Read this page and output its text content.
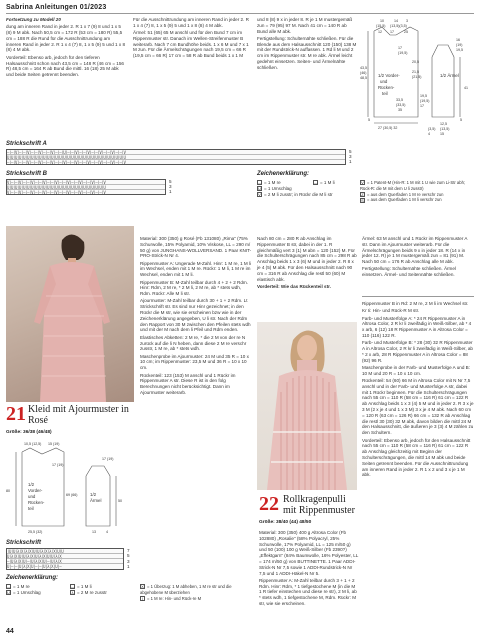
Sabrina Anleitungen 01/2023

Fortsetzung zu Modell 20

dung am inneren Rand in jeder 2. R 1 x 7 (9) 8 und 1 x 5 (8) 9 M abk. Nach 50,5 cm = 172 R (53 cm = 180 R) 55,5 cm = 188 R die Rund für die Ausschnittrundung am inneren Rand in jeder 2. R 1 x 4 (7) 8, 1 x 5 (9) 5 und 1 x 8 (8) 4 M abk.

Vorderteil: Ebenso arb, jedoch für den tieferen Halsausschnitt schon nach 43,5 cm = 148 R (46 cm = 156 R) 48,5 cm = 164 R ab Bund die mittl. 16 (18) 25 M abk und beide Seiten getrennt beenden.

Für die Ausschnittrundung am inneren Rand in jeder 2. R 1 x 4 (7) 8, 1 x 5 (9) 5 und 1 x 8 (8) 4 M abk.

Ärmel: 51 (65) 65 M anschl und für den Bund 7 cm im Rippenmuster str. Danach im Wellen-Streifenmuster B weiterarb. Nach 7 cm Bundhöhe beids. 1 x 6 M und 7 x 1 M zun. Für die Ärmelschrägungen nach 19,5 cm = 66 R (19,5 cm = 66 R) 17 cm = 58 R ab Bund beids 1 x 1 M

und 8 (8) 9 x in jeder 8. R je 1 M mustergemäß zun = 79 (95) 97 M. Nach 41 cm = 140 R ab Bund alle M abk.

Fertigstellung: Schulternähte schließen. Für die Blende aus dem Halsausschnitt 120 (150) 138 M mit der Rundstrick-N auffassen. 1 Rd li M und 2 cm im Rippenmuster str. M re abk. Ärmel leicht gedehnt einsetzen. Seiten- und Ärmelnähte schließen.

10	14 3
(15,5) (13,5)(3,5)
12 17	25
17
(19,5)
20,5
21,5
(21,5)
43,5
(46)
48,5	1/2 Vorder-
und
Rücken-
teil
33,5
(33,5)
35
19,5
(19,5)
17
1/2 Ärmel
16
(19)
19,5
41
27 (30,5) 32
12,5
(13,5)
15
(3,5)
4
5	5
Strickschrift A
—|—|V|—|—|V|—|—|V|—|—|V|—|—|U|—|—|V|—|—|V|—|—|V|—|—|V|—|—|V
U|U|U|U|U|U|U|U|U|U|U|U|U|U|U|U|U|U|U|U|U|U|U|U|U|U|U|U|U|U
—|—|V|—|—|V|—|—|V|—|—|V|—|—|V|—|—|V|—|—|V|—|—|V|—|—|V|—|—|V
5
3
1
Strickschrift B
V|—|—|V|—|—|V|—|—|V|—|—|V|—|—|V|—|—|V|—|—|V|—|—|V
U|U|U|U|U|U|U|U|U|U|U|U|U|U|U|U|U|U|U|U|U|U|U|U|U
V|—|—|V|—|—|V|—|—|V|—|—|V|—|—|V|—|—|V|—|—|V|—|—|V
5
3
1
Zeichenerklärung:
— = 1 M re
U = 1 Umschlag
V = 2 M li zusstr; in Rückr die M li str
— = 1 M li	V = 1 Patent-M (Hin-R: 1 M mit 1 U wie zum Li-Str abh; Rück-R: die M mit dem U li zusstr)
Z = aus dem Querfaden 1 M re verschr zun
S = aus dem Querfaden 1 M li verschr zun
21 Kleid mit Ajourmuster in Rosé
Größe: 36/38 (46/48)
10,5 (12,5) 15 (19)
17 (19)
1/2
Vorder-
und
Rücken-
teil
69 (66)
17 (19)
1/2
Ärmel
25,5 (32)	13	4
80
50
Strickschrift
|U|U|λ|X|λ|X|U|U|λ|X|λ|X|U|U
U|λ|X|U|U|λ|X|U|λ|X|U|U|λ|X
—|U|λ|X|U|—|U|λ|X|U|—|U|λ|X
U|—|—|U|λ|X|U|—|—|U|λ|X|U|—
7
5
3
1
Zeichenerklärung:
— = 1 M re
U = 1 Umschlag
— = 1 M li
λ = 2 M re zusstr
X = 1 Überzug: 1 M abheben, 1 M re str und die abgehobene M überziehen
| = 1 M re: Hin- und Rück-re M

Material: 300 (350) g Rosé (Fb 131080) „Rima" (75% Schurwolle, 15% Polyamid, 10% Viskose, LL = 290 m/ 50 g) von JUNGHANS-WOLLVERSAND. 1 Paar KNIT-PRO-Strick-N Nr 4.

Rippenmuster A: Ungerade M-Zahl. Hinr: 1 M re, 1 M li im Wechsel, enden mit 1 M re. Rückr: 1 M li, 1 M re im Wechsel, enden mit 1 M li.

Rippenmuster B: M-Zahl teilbar durch 4 + 2 + 2 Rdm. Hinr: Rdm, 2 M re, * 2 M li, 2 M re, ab * stets wdh, Rdm. Rückr: Alle M li str.

Ajourmuster: M-Zahl teilbar durch 30 + 1 + 2 Rdm. Lt Strickschrift str. Es sind nur Hinr gezeichnet; in den Rückr die M str, wie sie erscheinen bzw wie in der Zeichenerklärung angegeben, U li str. Nach der Rdm den Rapport von 30 M zwischen den Pfeilen stets wdh und mit der M nach dem li Pfeil und Rdm enden.

Elastisches Abketten: 2 M re, * die 2 M von der re N zurück auf die li N heben, dann diese 2 M re verschr zusstr, 1 M re, ab * stets wdh.

Maschenprobe im Ajourmuster: 24 M und 35 R = 10 x 10 cm; im Rippenmuster: 23,5 M und 36 R = 10 x 10 cm.

Rückenteil: 123 (153) M anschl und 1 Rückr im Rippenmuster A str. Diese R ist in den folg Berechnungen nicht berücksichtigt. Dann im Ajourmuster weiterarb.

Nach 80 cm = 280 R ab Anschlag im Rippenmuster B str, dabei in der 1. R gleichmäßig vert 3 (1) M abn = 120 (152) M. Für die Schulterschrägungen nach 85 cm = 298 R ab Anschlag beids 1 x 3 (6) M und in jeder 2. R 8 x je 4 (5) M abk. Für den Halsausschnitt nach 90 cm = 316 R ab Anschlag die restl 50 (60) M elastisch abk.

Vorderteil: Wie das Rückenteil str.

Ärmel: 63 M anschl und 1 Rückr im Rippenmuster A str. Dann im Ajourmuster weiterarb. Für die Ärmelschrägungen beids 9 x in jeder 18. R (14 x in jeder 12. R) je 1 M mustergemäß zun = 81 (91) M. Nach 50 cm = 176 R ab Anschlag alle M abk.

Fertigstellung: Schulternähte schließen. Ärmel einsetzen. Ärmel- und Seitennähte schließen.

22 Rollkragenpulli mit Rippenmuster
Größe: 38/40 (44) 48/50

Material: 300 (350) 400 g Altrosa Color (Fb 102880) „Rosalie" (58% Polyacryl, 25% Schurwolle, 17% Polyamid, LL = 125 m/50 g) und 50 (100) 100 g Weiß-Silber (Fb 2390?) „Effektgarn" (84% Baumwolle, 16% Polyester, LL = 174 m/50 g) von BUTTINETTE. 1 Paar ADDI-Strick-N Nr 7,5 sowie 1 ADDI-Rundstrick-N Nr 7,5 und 1 ADDI-Häkel-N Nr 5.

Rippenmuster A: M-Zahl teilbar durch 3 + 1 + 2 Rdm. Hinr: Rdm, * 1 tiefgestochene M (in die M 1 R tiefer einstechen und diese re str), 2 M li, ab * stets wdh, 1 tiefgestochene M, Rdm. Rückr: M str, wie sie erscheinen.

Rippenmuster B in Rd: 2 M re, 2 M li im Wechsel str.

Kr Ii: Hin- und Rück-R M str.

Farb- und Musterfolge A: * 24 R Rippenmuster A in Altrosa Color, 2 R kr li zweifädig in Weiß-Silber, ab * 4 x arb, 6 (12) 18 R Rippenmuster A in Altrosa Color = 110 (116) 122 R.

Farb- und Musterfolge B: * 28 (30) 32 R Rippenmuster A in Altrosa Color, 2 R kr li zweifädig in Weiß-Silber, ab * 2 x arb, 28 R Rippenmuster A in Altrosa Color = 88 (92) 96 R.

Maschenprobe in der Farb- und Musterfolge A und B: 10 M und 20 R = 10 x 10 cm.

Rückenteil: 54 (60) 66 M in Altrosa Color mit N Nr 7,5 anschl und in der Farb- und Musterfolge A str, dabei mit 1 Rückr beginnen. Für die Schulterschrägungen nach 55 cm = 110 R (58 cm = 116 R) 61 cm = 122 R ab Anschlag beids 1 x 3 (4) 5 M und in jeder 2. R 3 x je 3 M (2 x je 4 und 1 x 3 M) 3 x je 4 M abk. Nach 60 cm = 120 R (63 cm = 126 R) 66 cm = 132 R ab Anschlag die restl 30 (30) 32 M abk, davon bilden die mittl 24 M den Halsausschnitt, die äußeren je 3 (3) 4 M zählen zu den Schultern.

Vorderteil: Ebenso arb, jedoch für den Halsausschnitt nach 55 cm = 110 R (58 cm = 116 R) 61 cm = 122 R ab Anschlag gleichzeitig mit Beginn der Schulterschrägungen, die mittl 14 M abk und beide Seiten getrennt beenden. Für die Ausschnittrundung am inneren Rand in jeder 2. R 1 x 2 und 3 x je 1 M abk.

44
